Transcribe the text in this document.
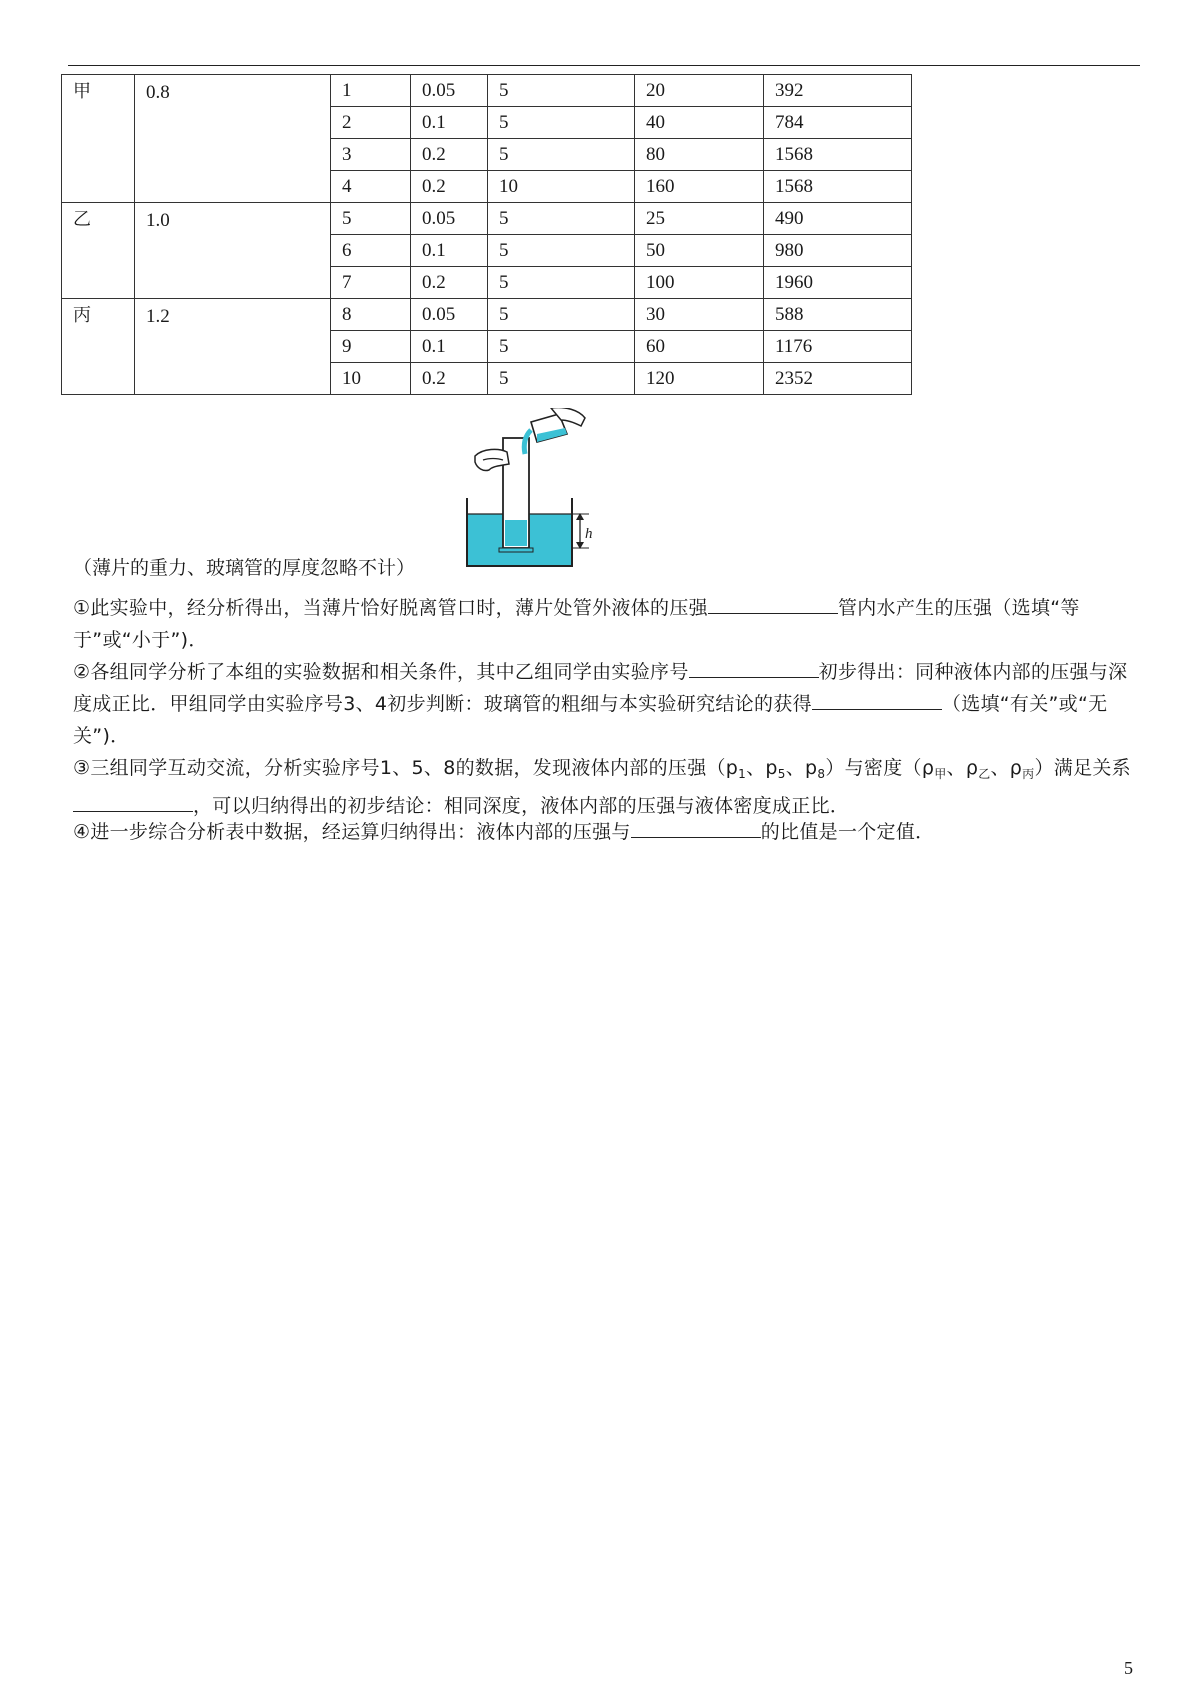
甲	0.8	1	0.05	5	20	392
		2	0.1	5	40	784
		3	0.2	5	80	1568
		4	0.2	10	160	1568
乙	1.0	5	0.05	5	25	490
		6	0.1	5	50	980
		7	0.2	5	100	1960
丙	1.2	8	0.05	5	30	588
		9	0.1	5	60	1176
		10	0.2	5	120	2352
h
（薄片的重力、玻璃管的厚度忽略不计）
①此实验中，经分析得出，当薄片恰好脱离管口时，薄片处管外液体的压强	管内水产生的压强（选填“等于”或“小于”)．
②各组同学分析了本组的实验数据和相关条件，其中乙组同学由实验序号	初步得出：同种液体内部的压强与深度成正比．甲组同学由实验序号3、4初步判断：玻璃管的粗细与本实验研究结论的获得	（选填“有关”或“无关”)．
③三组同学互动交流，分析实验序号1、5、8的数据，发现液体内部的压强（$p_1$、$p_5$、$p_8$）与密度（$\rho_甲$、$\rho_乙$、$\rho_丙$）满足关系，可以归纳得出的初步结论：相同深度，液体内部的压强与液体密度成正比．
④进一步综合分析表中数据，经运算归纳得出：液体内部的压强与	的比值是一个定值．
5
